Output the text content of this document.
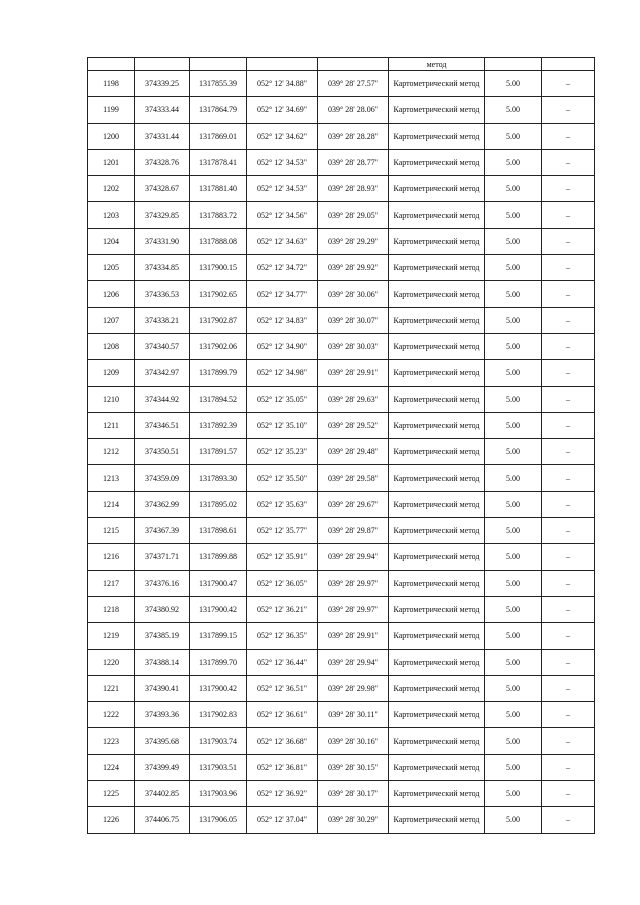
					метод		
1198	374339.25	1317855.39	052° 12' 34.88"	039° 28' 27.57"	Картометрический метод	5.00	–
1199	374333.44	1317864.79	052° 12' 34.69"	039° 28' 28.06"	Картометрический метод	5.00	–
1200	374331.44	1317869.01	052° 12' 34.62"	039° 28' 28.28"	Картометрический метод	5.00	–
1201	374328.76	1317878.41	052° 12' 34.53"	039° 28' 28.77"	Картометрический метод	5.00	–
1202	374328.67	1317881.40	052° 12' 34.53"	039° 28' 28.93"	Картометрический метод	5.00	–
1203	374329.85	1317883.72	052° 12' 34.56"	039° 28' 29.05"	Картометрический метод	5.00	–
1204	374331.90	1317888.08	052° 12' 34.63"	039° 28' 29.29"	Картометрический метод	5.00	–
1205	374334.85	1317900.15	052° 12' 34.72"	039° 28' 29.92"	Картометрический метод	5.00	–
1206	374336.53	1317902.65	052° 12' 34.77"	039° 28' 30.06"	Картометрический метод	5.00	–
1207	374338.21	1317902.87	052° 12' 34.83"	039° 28' 30.07"	Картометрический метод	5.00	–
1208	374340.57	1317902.06	052° 12' 34.90"	039° 28' 30.03"	Картометрический метод	5.00	–
1209	374342.97	1317899.79	052° 12' 34.98"	039° 28' 29.91"	Картометрический метод	5.00	–
1210	374344.92	1317894.52	052° 12' 35.05"	039° 28' 29.63"	Картометрический метод	5.00	–
1211	374346.51	1317892.39	052° 12' 35.10"	039° 28' 29.52"	Картометрический метод	5.00	–
1212	374350.51	1317891.57	052° 12' 35.23"	039° 28' 29.48"	Картометрический метод	5.00	–
1213	374359.09	1317893.30	052° 12' 35.50"	039° 28' 29.58"	Картометрический метод	5.00	–
1214	374362.99	1317895.02	052° 12' 35.63"	039° 28' 29.67"	Картометрический метод	5.00	–
1215	374367.39	1317898.61	052° 12' 35.77"	039° 28' 29.87"	Картометрический метод	5.00	–
1216	374371.71	1317899.88	052° 12' 35.91"	039° 28' 29.94"	Картометрический метод	5.00	–
1217	374376.16	1317900.47	052° 12' 36.05"	039° 28' 29.97"	Картометрический метод	5.00	–
1218	374380.92	1317900.42	052° 12' 36.21"	039° 28' 29.97"	Картометрический метод	5.00	–
1219	374385.19	1317899.15	052° 12' 36.35"	039° 28' 29.91"	Картометрический метод	5.00	–
1220	374388.14	1317899.70	052° 12' 36.44"	039° 28' 29.94"	Картометрический метод	5.00	–
1221	374390.41	1317900.42	052° 12' 36.51"	039° 28' 29.98"	Картометрический метод	5.00	–
1222	374393.36	1317902.83	052° 12' 36.61"	039° 28' 30.11"	Картометрический метод	5.00	–
1223	374395.68	1317903.74	052° 12' 36.68"	039° 28' 30.16"	Картометрический метод	5.00	–
1224	374399.49	1317903.51	052° 12' 36.81"	039° 28' 30.15"	Картометрический метод	5.00	–
1225	374402.85	1317903.96	052° 12' 36.92"	039° 28' 30.17"	Картометрический метод	5.00	–
1226	374406.75	1317906.05	052° 12' 37.04"	039° 28' 30.29"	Картометрический метод	5.00	–
